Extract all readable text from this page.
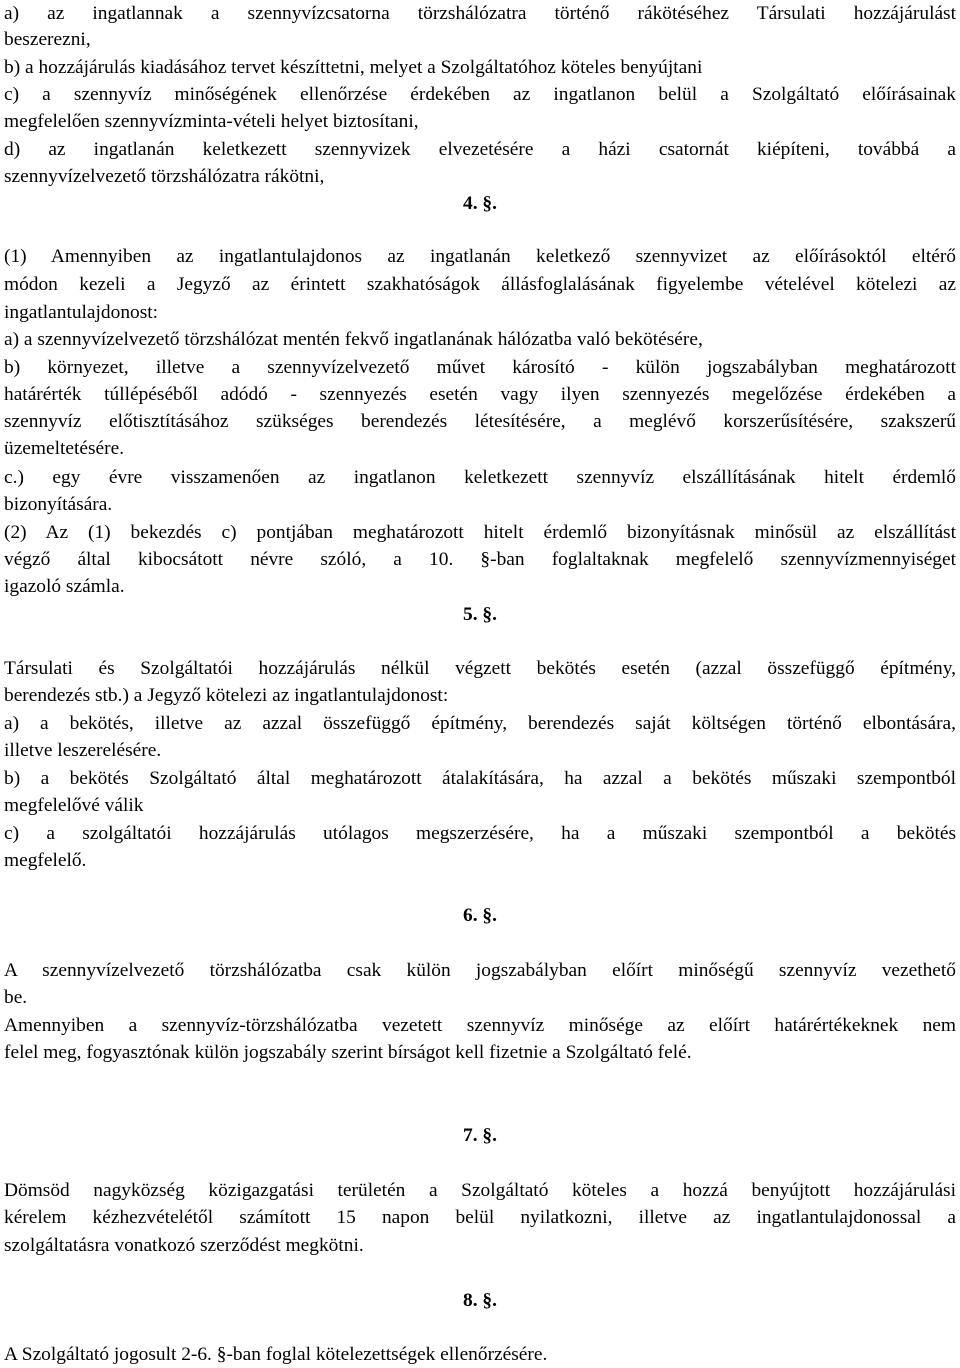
a) az ingatlannak a szennyvízcsatorna törzshálózatra történő rákötéséhez Társulati hozzájárulást
beszerezni,
b) a hozzájárulás kiadásához tervet készíttetni, melyet a Szolgáltatóhoz köteles benyújtani
c) a szennyvíz minőségének ellenőrzése érdekében az ingatlanon belül a Szolgáltató előírásainak
megfelelően szennyvízminta-vételi helyet biztosítani,
d) az ingatlanán keletkezett szennyvizek elvezetésére a házi csatornát kiépíteni, továbbá a
szennyvízelvezető törzshálózatra rákötni,
4. §.
(1) Amennyiben az ingatlantulajdonos az ingatlanán keletkező szennyvizet az előírásoktól eltérő
módon kezeli a Jegyző az érintett szakhatóságok állásfoglalásának figyelembe vételével kötelezi az
ingatlantulajdonost:
a) a szennyvízelvezető törzshálózat mentén fekvő ingatlanának hálózatba való bekötésére,
b) környezet, illetve a szennyvízelvezető művet károsító - külön jogszabályban meghatározott
határérték túllépéséből adódó - szennyezés esetén vagy ilyen szennyezés megelőzése érdekében a
szennyvíz előtisztításához szükséges berendezés létesítésére, a meglévő korszerűsítésére, szakszerű
üzemeltetésére.
c.) egy évre visszamenően az ingatlanon keletkezett szennyvíz elszállításának hitelt érdemlő
bizonyítására.
(2) Az (1) bekezdés c) pontjában meghatározott hitelt érdemlő bizonyításnak minősül az elszállítást
végző által kibocsátott névre szóló, a 10. §-ban foglaltaknak megfelelő szennyvízmennyiséget
igazoló számla.
5. §.
Társulati és Szolgáltatói hozzájárulás nélkül végzett bekötés esetén (azzal összefüggő építmény,
berendezés stb.) a Jegyző kötelezi az ingatlantulajdonost:
a) a bekötés, illetve az azzal összefüggő építmény, berendezés saját költségen történő elbontására,
illetve leszerelésére.
b) a bekötés Szolgáltató által meghatározott átalakítására, ha azzal a bekötés műszaki szempontból
megfelelővé válik
c) a szolgáltatói hozzájárulás utólagos megszerzésére, ha a műszaki szempontból a bekötés
megfelelő.
6. §.
A szennyvízelvezető törzshálózatba csak külön jogszabályban előírt minőségű szennyvíz vezethető
be.
Amennyiben a szennyvíz-törzshálózatba vezetett szennyvíz minősége az előírt határértékeknek nem
felel meg, fogyasztónak külön jogszabály szerint bírságot kell fizetnie a Szolgáltató felé.
7. §.
Dömsöd nagyközség közigazgatási területén a Szolgáltató köteles a hozzá benyújtott hozzájárulási
kérelem kézhezvételétől számított 15 napon belül nyilatkozni, illetve az ingatlantulajdonossal a
szolgáltatásra vonatkozó szerződést megkötni.
8. §.
A Szolgáltató jogosult 2-6. §-ban foglal kötelezettségek ellenőrzésére.
